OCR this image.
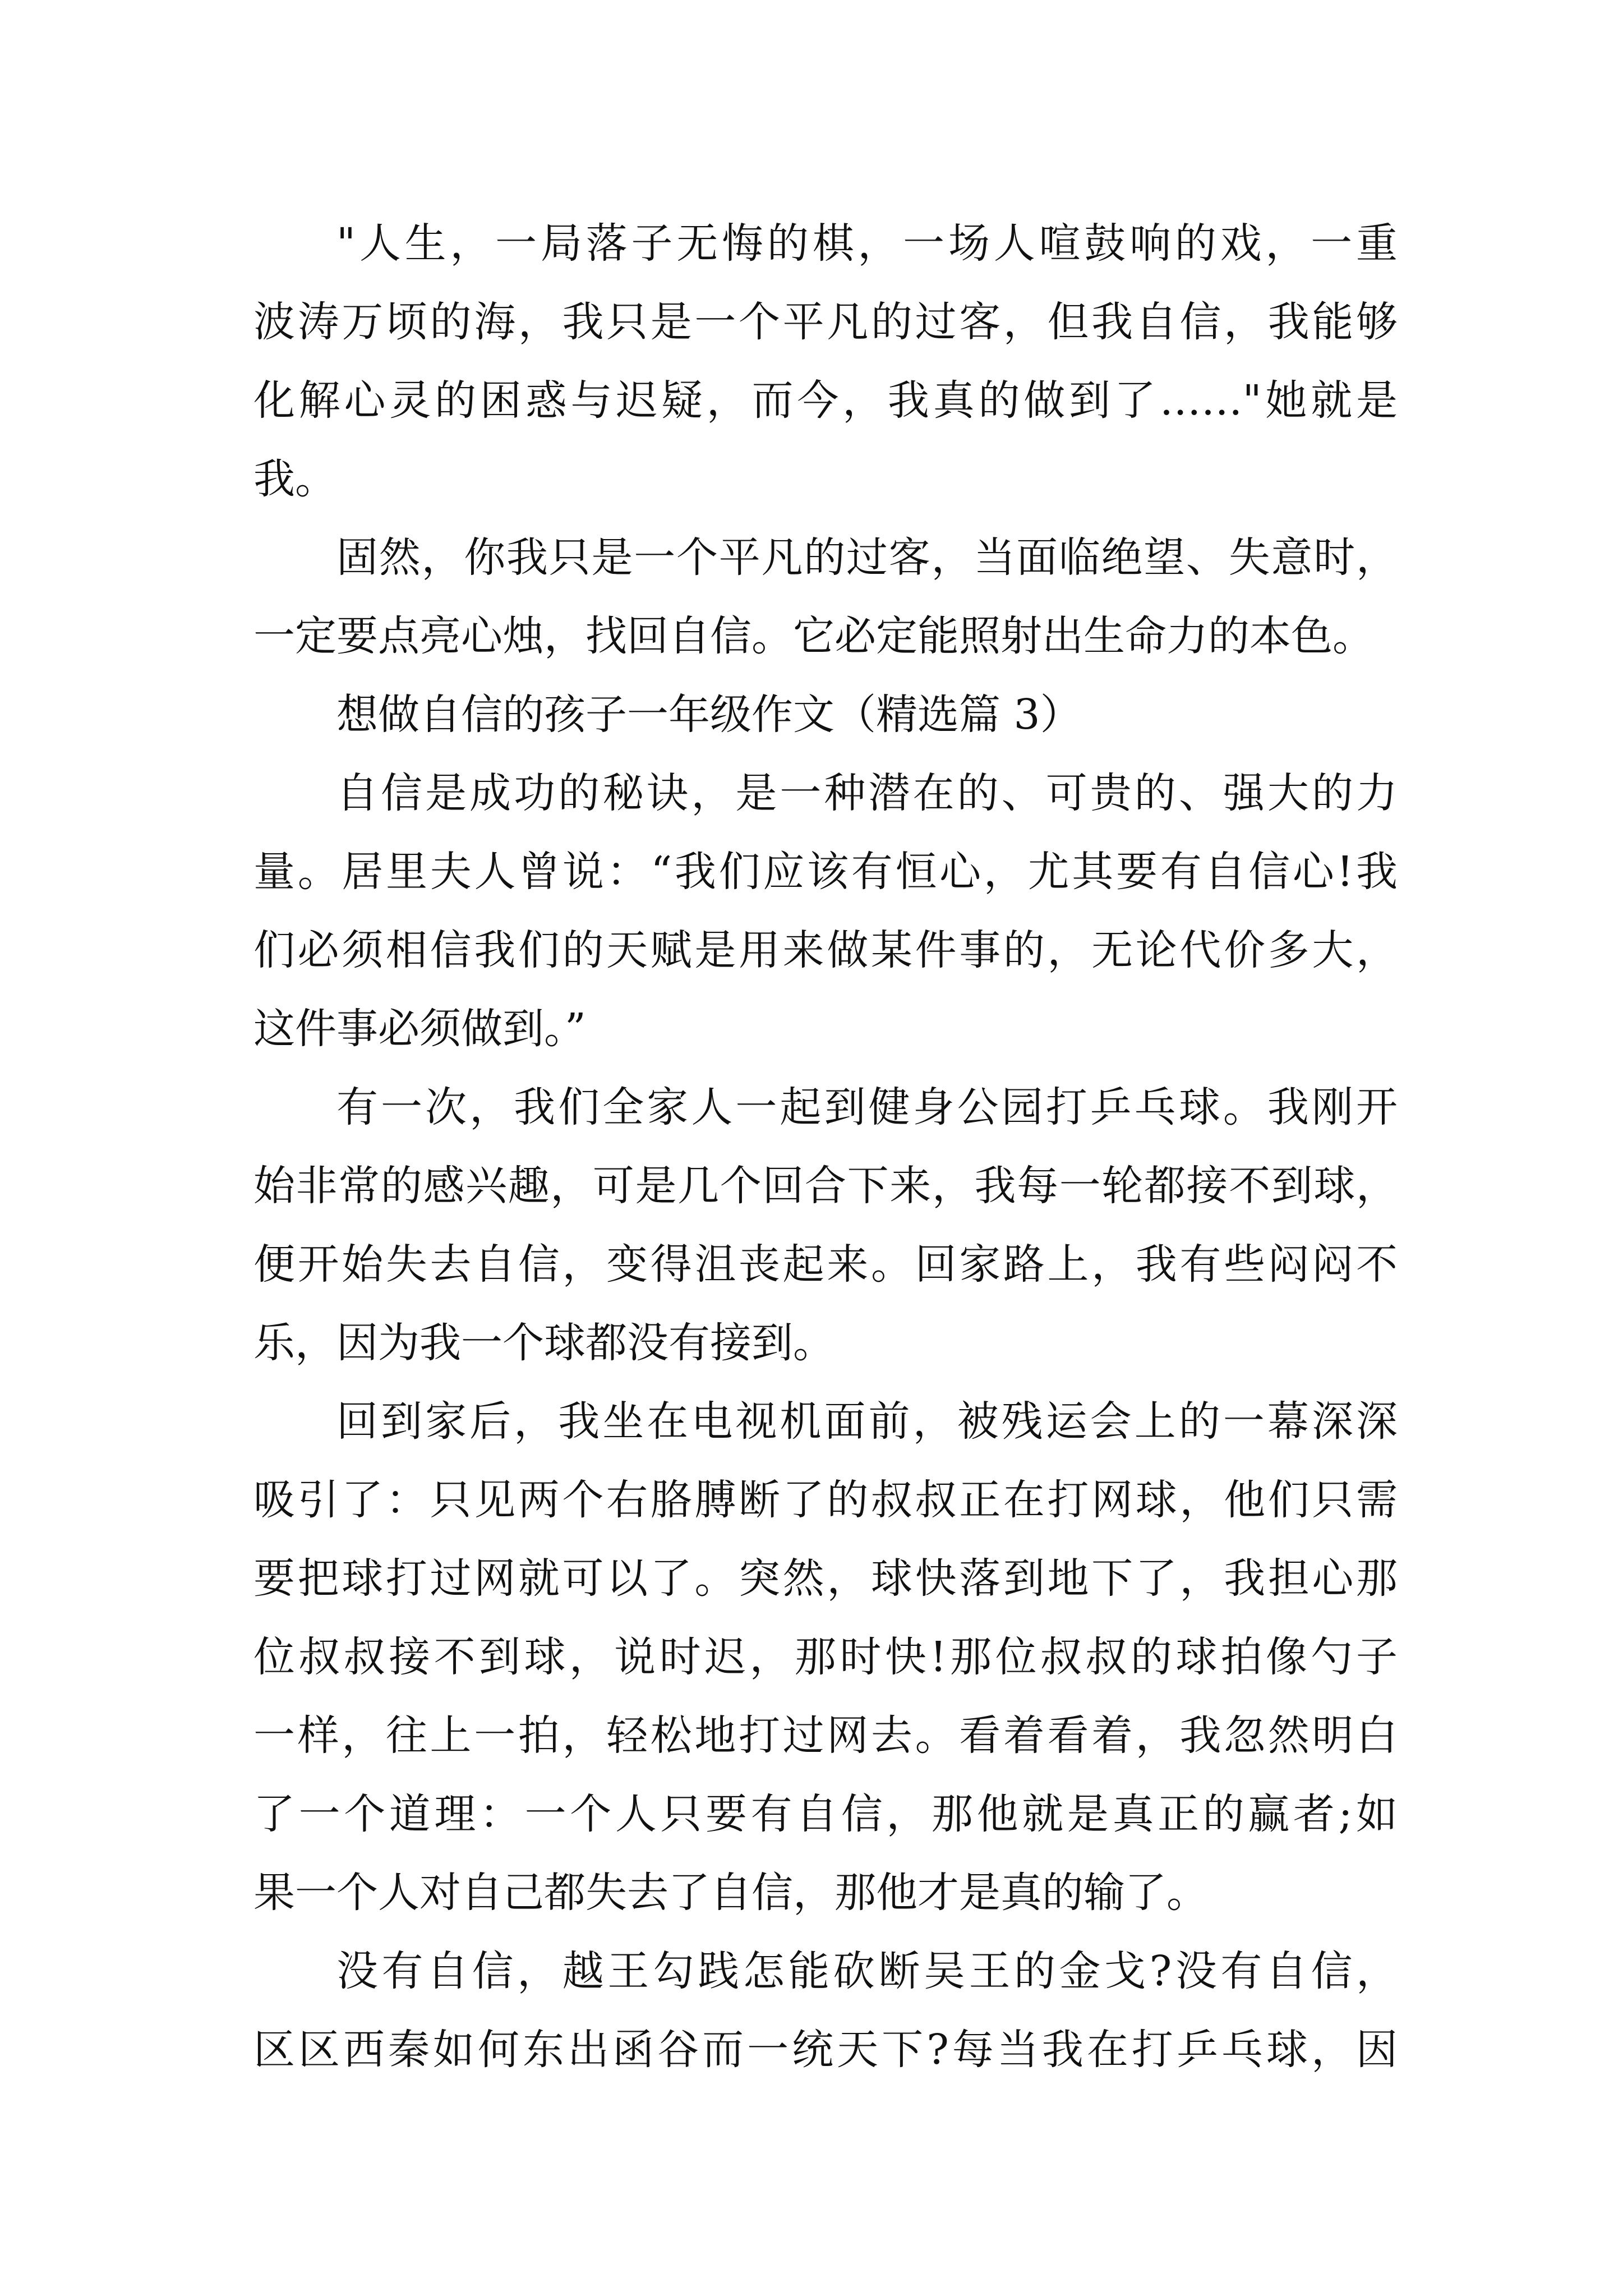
"人生，一局落子无悔的棋，一场人喧鼓响的戏，一重
波涛万顷的海，我只是一个平凡的过客，但我自信，我能够
化解心灵的困惑与迟疑，而今，我真的做到了……"她就是
我。
固然，你我只是一个平凡的过客，当面临绝望、失意时，
一定要点亮心烛，找回自信。它必定能照射出生命力的本色。
想做自信的孩子一年级作文（精选篇 3）
自信是成功的秘诀，是一种潜在的、可贵的、强大的力
量。居里夫人曾说：“我们应该有恒心，尤其要有自信心!我
们必须相信我们的天赋是用来做某件事的，无论代价多大，
这件事必须做到。”
有一次，我们全家人一起到健身公园打乒乓球。我刚开
始非常的感兴趣，可是几个回合下来，我每一轮都接不到球，
便开始失去自信，变得沮丧起来。回家路上，我有些闷闷不
乐，因为我一个球都没有接到。
回到家后，我坐在电视机面前，被残运会上的一幕深深
吸引了：只见两个右胳膊断了的叔叔正在打网球，他们只需
要把球打过网就可以了。突然，球快落到地下了，我担心那
位叔叔接不到球，说时迟，那时快!那位叔叔的球拍像勺子
一样，往上一拍，轻松地打过网去。看着看着，我忽然明白
了一个道理：一个人只要有自信，那他就是真正的赢者;如
果一个人对自己都失去了自信，那他才是真的输了。
没有自信，越王勾践怎能砍断吴王的金戈?没有自信，
区区西秦如何东出函谷而一统天下?每当我在打乒乓球，因
